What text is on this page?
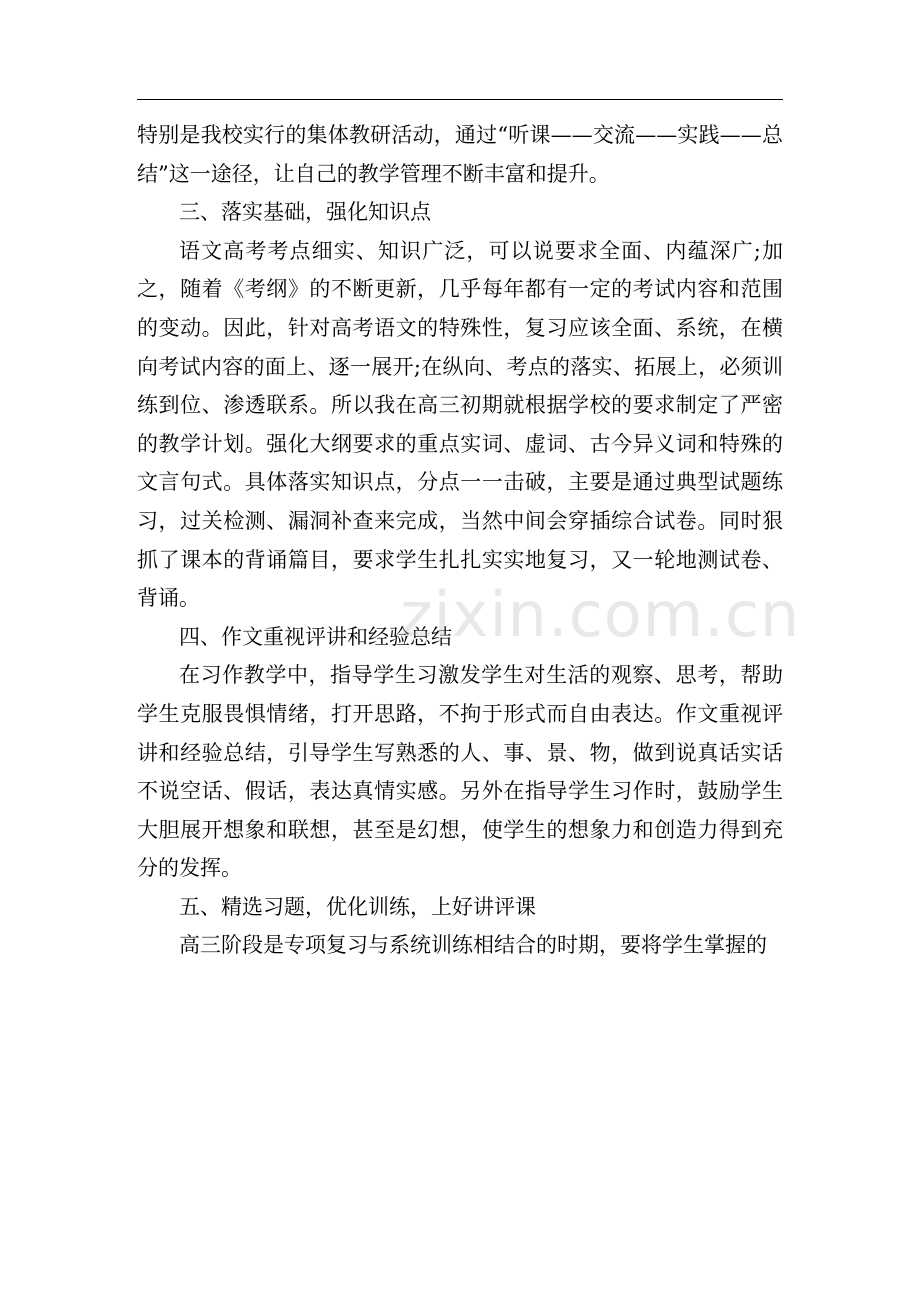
特别是我校实行的集体教研活动，通过“听课——交流——实践——总结”这一途径，让自己的教学管理不断丰富和提升。

三、落实基础，强化知识点

语文高考考点细实、知识广泛，可以说要求全面、内蕴深广;加之，随着《考纲》的不断更新，几乎每年都有一定的考试内容和范围的变动。因此，针对高考语文的特殊性，复习应该全面、系统，在横向考试内容的面上、逐一展开;在纵向、考点的落实、拓展上，必须训练到位、渗透联系。所以我在高三初期就根据学校的要求制定了严密的教学计划。强化大纲要求的重点实词、虚词、古今异义词和特殊的文言句式。具体落实知识点，分点一一击破，主要是通过典型试题练习，过关检测、漏洞补查来完成，当然中间会穿插综合试卷。同时狠抓了课本的背诵篇目，要求学生扎扎实实地复习，又一轮地测试卷、背诵。

四、作文重视评讲和经验总结

在习作教学中，指导学生习激发学生对生活的观察、思考，帮助学生克服畏惧情绪，打开思路，不拘于形式而自由表达。作文重视评讲和经验总结，引导学生写熟悉的人、事、景、物，做到说真话实话不说空话、假话，表达真情实感。另外在指导学生习作时，鼓励学生大胆展开想象和联想，甚至是幻想，使学生的想象力和创造力得到充分的发挥。

五、精选习题，优化训练，上好讲评课

高三阶段是专项复习与系统训练相结合的时期，要将学生掌握的

zixin.com.cn
